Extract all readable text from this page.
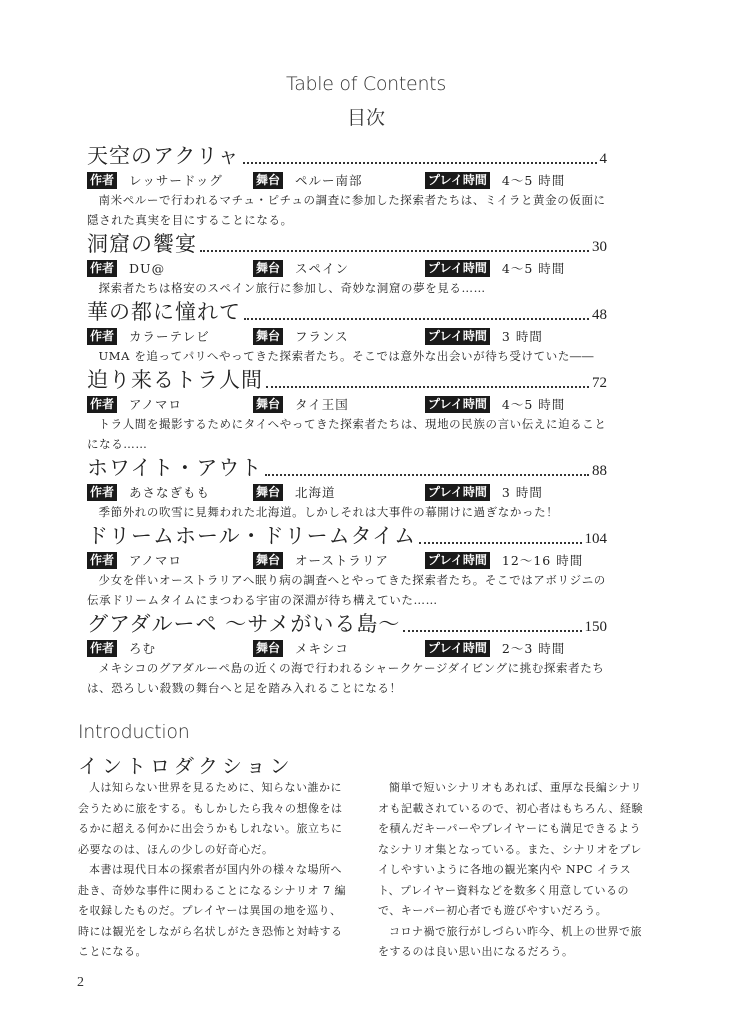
Table of Contents
目次
天空のアクリャ	4
作者 レッサードッグ	舞台 ペルー南部	プレイ時間 4〜5 時間
南米ペルーで行われるマチュ・ピチュの調査に参加した探索者たちは、ミイラと黄金の仮面に隠された真実を目にすることになる。
洞窟の饗宴	30
作者 DU@	舞台 スペイン	プレイ時間 4〜5 時間
探索者たちは格安のスペイン旅行に参加し、奇妙な洞窟の夢を見る……
華の都に憧れて	48
作者 カラーテレビ	舞台 フランス	プレイ時間 3 時間
UMA を追ってパリへやってきた探索者たち。そこでは意外な出会いが待ち受けていた――
迫り来るトラ人間	72
作者 アノマロ	舞台 タイ王国	プレイ時間 4〜5 時間
トラ人間を撮影するためにタイへやってきた探索者たちは、現地の民族の言い伝えに迫ることになる……
ホワイト・アウト	88
作者 あさなぎもも	舞台 北海道	プレイ時間 3 時間
季節外れの吹雪に見舞われた北海道。しかしそれは大事件の幕開けに過ぎなかった！
ドリームホール・ドリームタイム	104
作者 アノマロ	舞台 オーストラリア	プレイ時間 12〜16 時間
少女を伴いオーストラリアへ眠り病の調査へとやってきた探索者たち。そこではアボリジニの伝承ドリームタイムにまつわる宇宙の深淵が待ち構えていた……
グアダルーペ ～サメがいる島～	150
作者 ろむ	舞台 メキシコ	プレイ時間 2〜3 時間
メキシコのグアダルーペ島の近くの海で行われるシャークケージダイビングに挑む探索者たちは、恐ろしい殺戮の舞台へと足を踏み入れることになる！
Introduction
イントロダクション

人は知らない世界を見るために、知らない誰かに会うために旅をする。もしかしたら我々の想像をはるかに超える何かに出会うかもしれない。旅立ちに必要なのは、ほんの少しの好奇心だ。

本書は現代日本の探索者が国内外の様々な場所へ赴き、奇妙な事件に関わることになるシナリオ 7 編を収録したものだ。プレイヤーは異国の地を巡り、時には観光をしながら名状しがたき恐怖と対峙することになる。

簡単で短いシナリオもあれば、重厚な長編シナリオも記載されているので、初心者はもちろん、経験を積んだキーパーやプレイヤーにも満足できるようなシナリオ集となっている。また、シナリオをプレイしやすいように各地の観光案内や NPC イラスト、プレイヤー資料などを数多く用意しているので、キーパー初心者でも遊びやすいだろう。

コロナ禍で旅行がしづらい昨今、机上の世界で旅をするのは良い思い出になるだろう。

2
